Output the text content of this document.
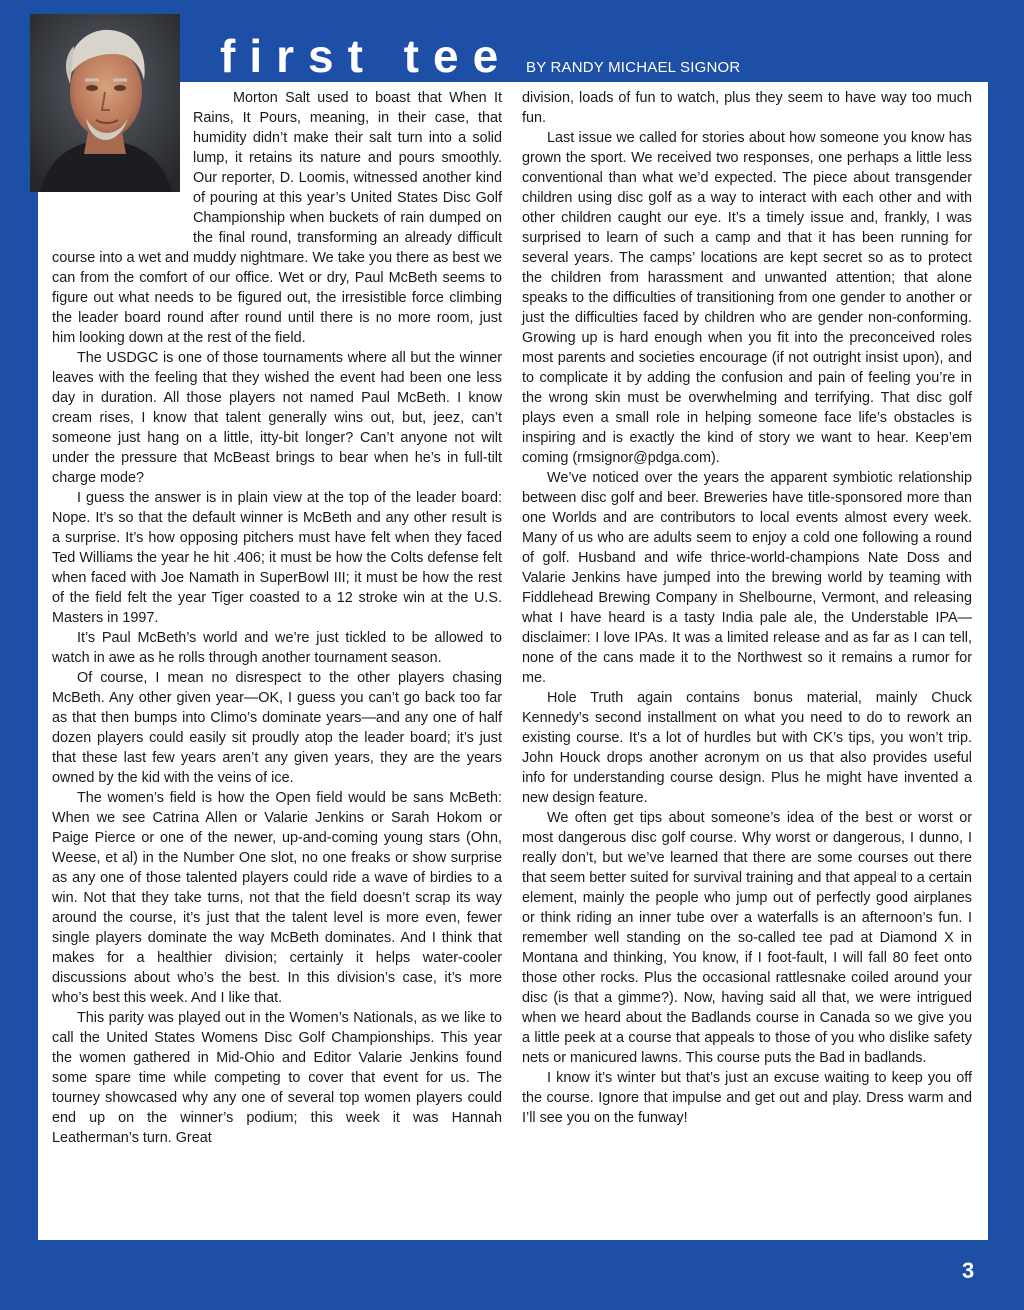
first tee BY RANDY MICHAEL SIGNOR

Morton Salt used to boast that When It Rains, It Pours, meaning, in their case, that humidity didn’t make their salt turn into a solid lump, it retains its nature and pours smoothly. Our reporter, D. Loomis, witnessed another kind of pouring at this year’s United States Disc Golf Championship when buckets of rain dumped on the final round, transforming an already difficult course into a wet and muddy nightmare. We take you there as best we can from the comfort of our office. Wet or dry, Paul McBeth seems to figure out what needs to be figured out, the irresistible force climbing the leader board round after round until there is no more room, just him looking down at the rest of the field.

The USDGC is one of those tournaments where all but the winner leaves with the feeling that they wished the event had been one less day in duration. All those players not named Paul McBeth. I know cream rises, I know that talent generally wins out, but, jeez, can’t someone just hang on a little, itty-bit longer? Can’t anyone not wilt under the pressure that McBeast brings to bear when he’s in full-tilt charge mode?

I guess the answer is in plain view at the top of the leader board: Nope. It’s so that the default winner is McBeth and any other result is a surprise. It’s how opposing pitchers must have felt when they faced Ted Williams the year he hit .406; it must be how the Colts defense felt when faced with Joe Namath in SuperBowl III; it must be how the rest of the field felt the year Tiger coasted to a 12 stroke win at the U.S. Masters in 1997.

It’s Paul McBeth’s world and we’re just tickled to be allowed to watch in awe as he rolls through another tournament season.

Of course, I mean no disrespect to the other players chasing McBeth. Any other given year—OK, I guess you can’t go back too far as that then bumps into Climo’s dominate years—and any one of half dozen players could easily sit proudly atop the leader board; it’s just that these last few years aren’t any given years, they are the years owned by the kid with the veins of ice.

The women’s field is how the Open field would be sans McBeth: When we see Catrina Allen or Valarie Jenkins or Sarah Hokom or Paige Pierce or one of the newer, up-and-coming young stars (Ohn, Weese, et al) in the Number One slot, no one freaks or show surprise as any one of those talented players could ride a wave of birdies to a win. Not that they take turns, not that the field doesn’t scrap its way around the course, it’s just that the talent level is more even, fewer single players dominate the way McBeth dominates. And I think that makes for a healthier division; certainly it helps water-cooler discussions about who’s the best. In this division’s case, it’s more who’s best this week. And I like that.

This parity was played out in the Women’s Nationals, as we like to call the United States Womens Disc Golf Championships. This year the women gathered in Mid-Ohio and Editor Valarie Jenkins found some spare time while competing to cover that event for us. The tourney showcased why any one of several top women players could end up on the winner’s podium; this week it was Hannah Leatherman’s turn. Great

division, loads of fun to watch, plus they seem to have way too much fun.

Last issue we called for stories about how someone you know has grown the sport. We received two responses, one perhaps a little less conventional than what we’d expected. The piece about transgender children using disc golf as a way to interact with each other and with other children caught our eye. It’s a timely issue and, frankly, I was surprised to learn of such a camp and that it has been running for several years. The camps’ locations are kept secret so as to protect the children from harassment and unwanted attention; that alone speaks to the difficulties of transitioning from one gender to another or just the difficulties faced by children who are gender non-conforming. Growing up is hard enough when you fit into the preconceived roles most parents and societies encourage (if not outright insist upon), and to complicate it by adding the confusion and pain of feeling you’re in the wrong skin must be overwhelming and terrifying. That disc golf plays even a small role in helping someone face life’s obstacles is inspiring and is exactly the kind of story we want to hear. Keep’em coming (rmsignor@pdga.com).

We’ve noticed over the years the apparent symbiotic relationship between disc golf and beer. Breweries have title-sponsored more than one Worlds and are contributors to local events almost every week. Many of us who are adults seem to enjoy a cold one following a round of golf. Husband and wife thrice-world-champions Nate Doss and Valarie Jenkins have jumped into the brewing world by teaming with Fiddlehead Brewing Company in Shelbourne, Vermont, and releasing what I have heard is a tasty India pale ale, the Understable IPA—disclaimer: I love IPAs. It was a limited release and as far as I can tell, none of the cans made it to the Northwest so it remains a rumor for me.

Hole Truth again contains bonus material, mainly Chuck Kennedy’s second installment on what you need to do to rework an existing course. It’s a lot of hurdles but with CK’s tips, you won’t trip. John Houck drops another acronym on us that also provides useful info for understanding course design. Plus he might have invented a new design feature.

We often get tips about someone’s idea of the best or worst or most dangerous disc golf course. Why worst or dangerous, I dunno, I really don’t, but we’ve learned that there are some courses out there that seem better suited for survival training and that appeal to a certain element, mainly the people who jump out of perfectly good airplanes or think riding an inner tube over a waterfalls is an afternoon’s fun. I remember well standing on the so-called tee pad at Diamond X in Montana and thinking, You know, if I foot-fault, I will fall 80 feet onto those other rocks. Plus the occasional rattlesnake coiled around your disc (is that a gimme?). Now, having said all that, we were intrigued when we heard about the Badlands course in Canada so we give you a little peek at a course that appeals to those of you who dislike safety nets or manicured lawns. This course puts the Bad in badlands.

I know it’s winter but that’s just an excuse waiting to keep you off the course. Ignore that impulse and get out and play. Dress warm and I’ll see you on the funway!

3
